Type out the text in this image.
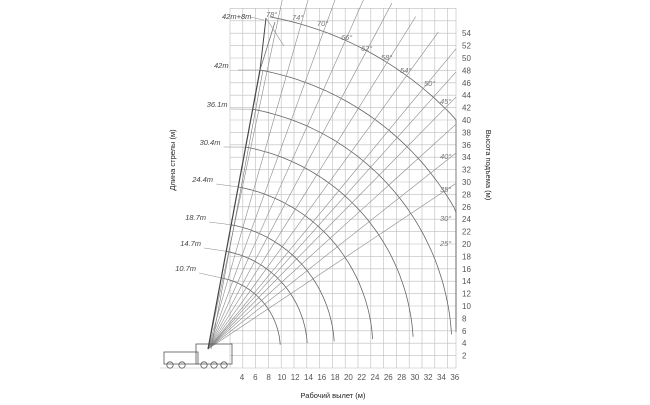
4 6 8 10 12 14 16 18 20 22 24 26 28 30 32 34 36
2
4
6
8
10
12
14
16
18
20
22
24
26
28
30
32
34
36
38
40
42
44
46
48
50
52
54
10.7m
14.7m
18.7m
24.4m
30.4m
36.1m
42m
42m+8m 78° 74°
70°
66°
62°
58°
54°
50°
45°
40°
35°
30°
25°
Рабочий вылет (м)
Длина стрелы (м)	Высота подъема (м)
